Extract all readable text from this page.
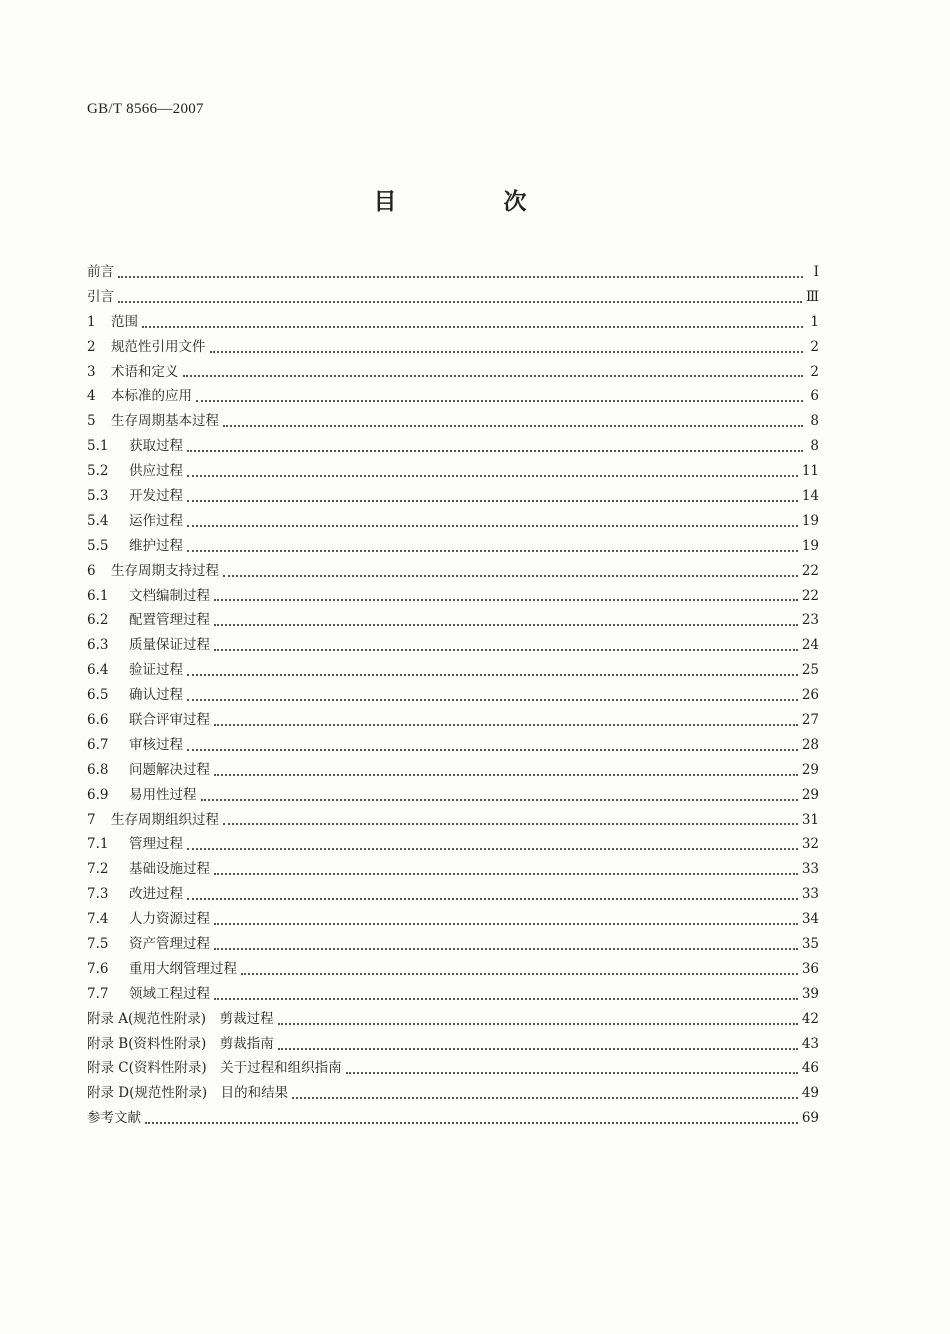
GB/T 8566—2007
目　次
前言	Ⅰ
引言	Ⅲ
1	范围	1
2	规范性引用文件	2
3	术语和定义	2
4	本标准的应用	6
5	生存周期基本过程	8
5.1	获取过程	8
5.2	供应过程	11
5.3	开发过程	14
5.4	运作过程	19
5.5	维护过程	19
6	生存周期支持过程	22
6.1	文档编制过程	22
6.2	配置管理过程	23
6.3	质量保证过程	24
6.4	验证过程	25
6.5	确认过程	26
6.6	联合评审过程	27
6.7	审核过程	28
6.8	问题解决过程	29
6.9	易用性过程	29
7	生存周期组织过程	31
7.1	管理过程	32
7.2	基础设施过程	33
7.3	改进过程	33
7.4	人力资源过程	34
7.5	资产管理过程	35
7.6	重用大纲管理过程	36
7.7	领域工程过程	39
附录 A(规范性附录)　剪裁过程	42
附录 B(资料性附录)　剪裁指南	43
附录 C(资料性附录)　关于过程和组织指南	46
附录 D(规范性附录)　目的和结果	49
参考文献	69
